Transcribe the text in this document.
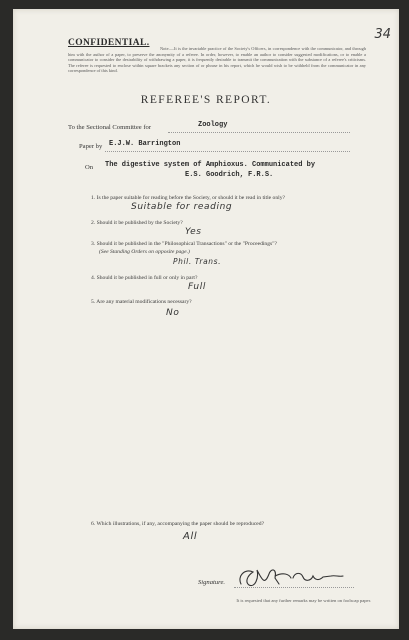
34
CONFIDENTIAL.
Note.—It is the invariable practice of the Society's Officers, in correspondence with the communicator, and through him with the author of a paper, to preserve the anonymity of a referee. In order, however, to enable an author to consider suggested modifications, or to enable a communicator to consider the desirability of withdrawing a paper, it is frequently desirable to transmit the communication with the substance of a referee's criticisms. The referee is requested to enclose within square brackets any section of or phrase in his report, which he would wish to be withheld from the communicator in any correspondence of this kind.
REFEREE'S REPORT.
To the Sectional Committee for	Zoology
Paper by E.J.W. Barrington
On The digestive system of Amphioxus. Communicated by
E.S. Goodrich, F.R.S.
1. Is the paper suitable for reading before the Society, or should it be read in title only?
Suitable for reading
2. Should it be published by the Society?
Yes
3. Should it be published in the "Philosophical Transactions" or the "Proceedings"?
(See Standing Orders on opposite page.)
Phil. Trans.
4. Should it be published in full or only in part?
Full
5. Are any material modifications necessary?
No
6. Which illustrations, if any, accompanying the paper should be reproduced?
All
Signature.
It is requested that any further remarks may be written on foolscap paper.
